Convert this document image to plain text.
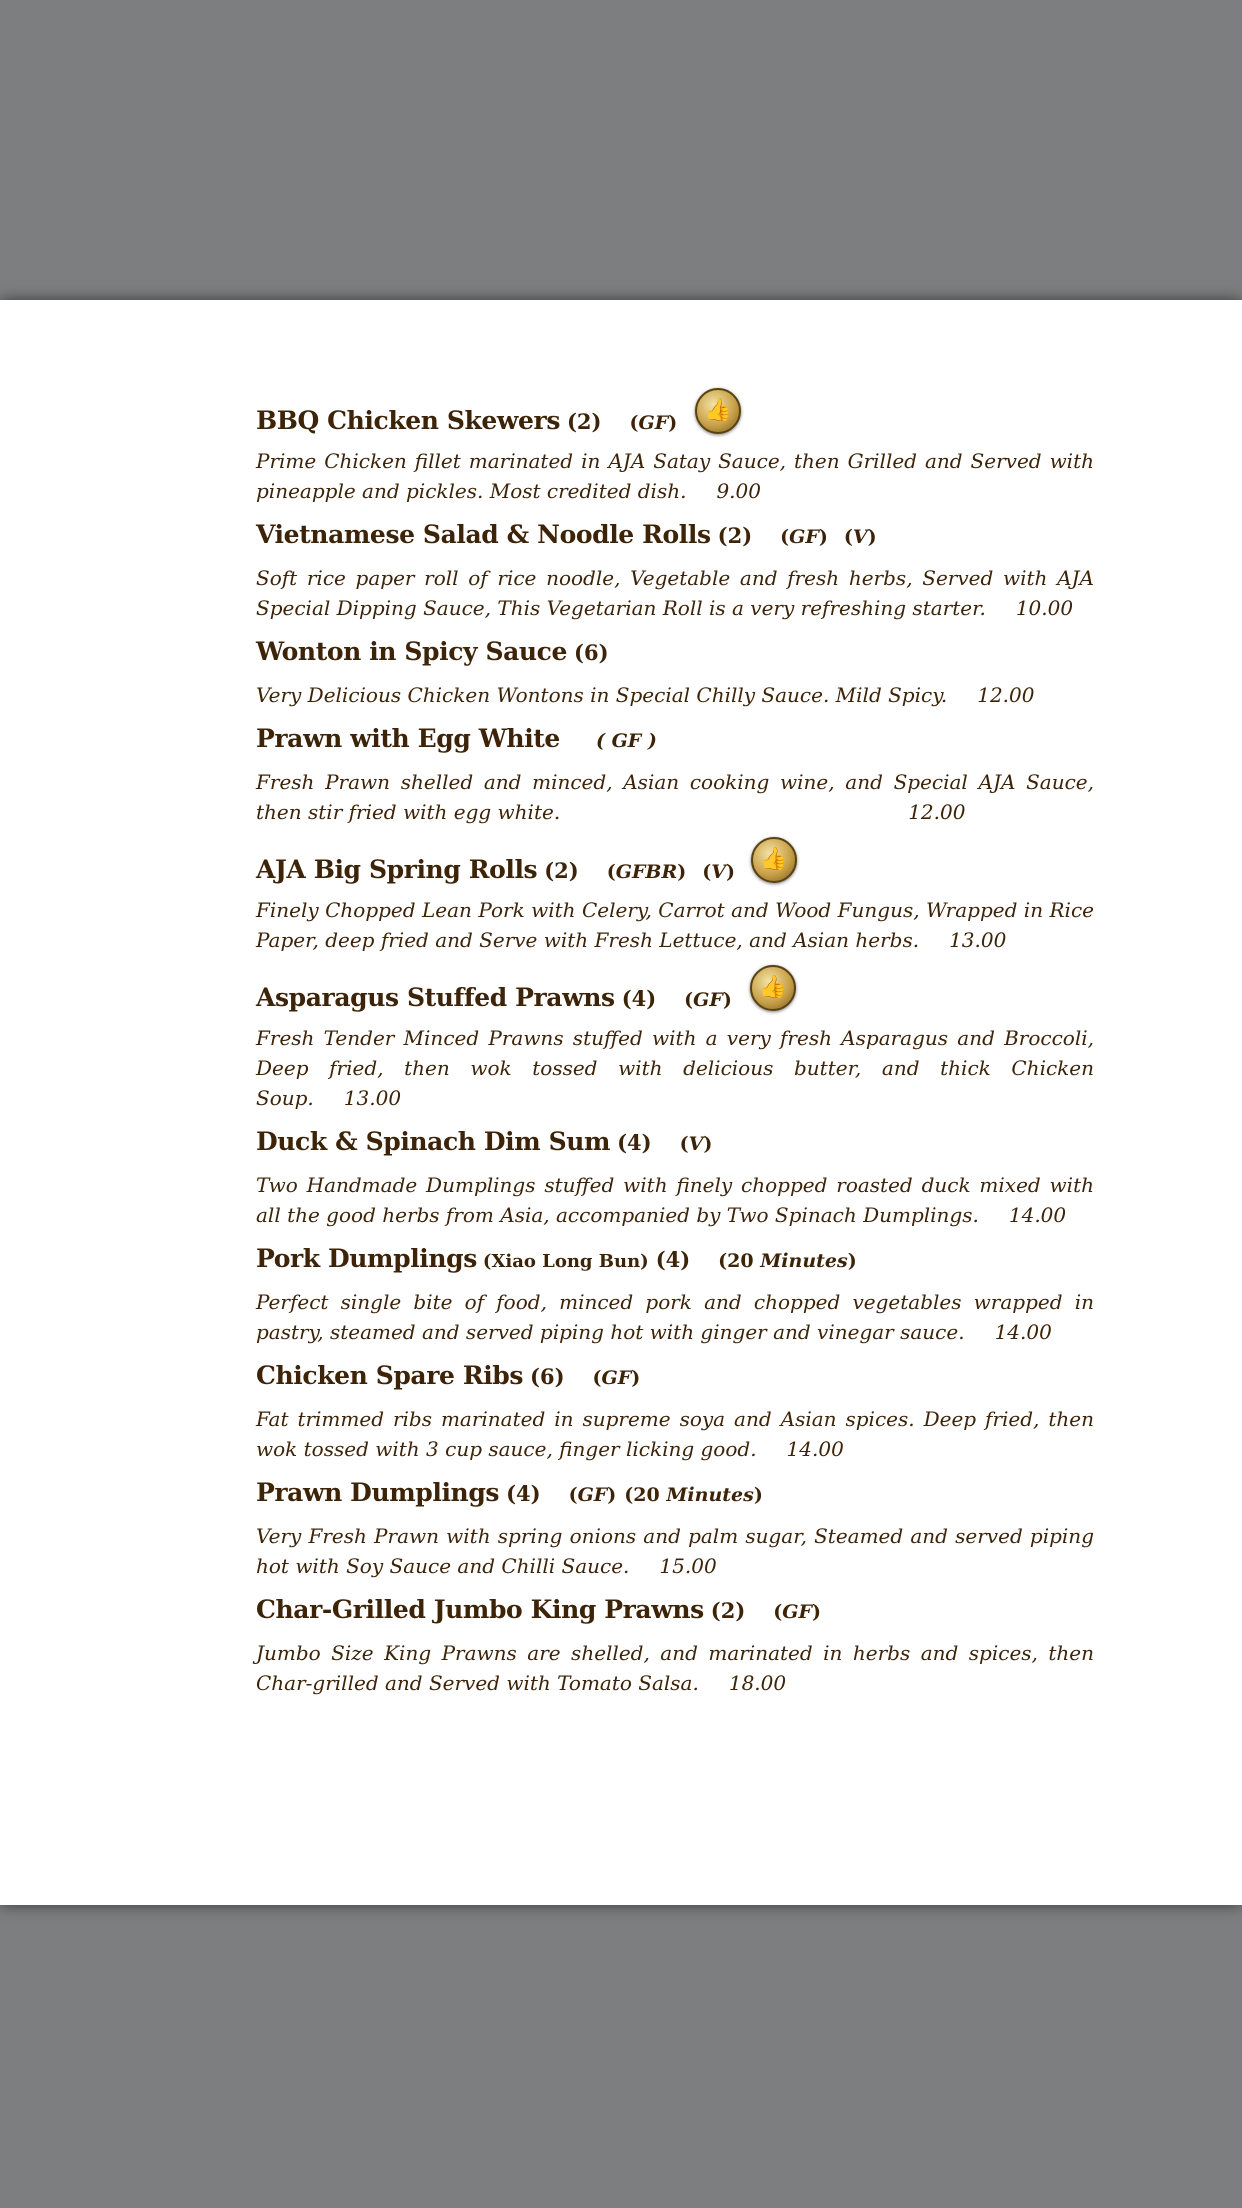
BBQ Chicken Skewers (2) (GF)	👍

Prime Chicken fillet marinated in AJA Satay Sauce, then Grilled and Served with pineapple and pickles. Most credited dish. 9.00

Vietnamese Salad & Noodle Rolls (2) (GF) (V)

Soft rice paper roll of rice noodle, Vegetable and fresh herbs, Served with AJA Special Dipping Sauce, This Vegetarian Roll is a very refreshing starter. 10.00

Wonton in Spicy Sauce (6)

Very Delicious Chicken Wontons in Special Chilly Sauce. Mild Spicy. 12.00

Prawn with Egg White ( GF )

Fresh Prawn shelled and minced, Asian cooking wine, and Special AJA Sauce, then stir fried with egg white.	12.00

AJA Big Spring Rolls (2) (GFBR) (V)	👍

Finely Chopped Lean Pork with Celery, Carrot and Wood Fungus, Wrapped in Rice Paper, deep fried and Serve with Fresh Lettuce, and Asian herbs. 13.00

Asparagus Stuffed Prawns (4) (GF)	👍

Fresh Tender Minced Prawns stuffed with a very fresh Asparagus and Broccoli, Deep fried, then wok tossed with delicious butter, and thick Chicken Soup. 13.00

Duck & Spinach Dim Sum (4) (V)

Two Handmade Dumplings stuffed with finely chopped roasted duck mixed with all the good herbs from Asia, accompanied by Two Spinach Dumplings. 14.00

Pork Dumplings (Xiao Long Bun) (4) (20 Minutes)

Perfect single bite of food, minced pork and chopped vegetables wrapped in pastry, steamed and served piping hot with ginger and vinegar sauce. 14.00

Chicken Spare Ribs (6) (GF)

Fat trimmed ribs marinated in supreme soya and Asian spices. Deep fried, then wok tossed with 3 cup sauce, finger licking good. 14.00

Prawn Dumplings (4) (GF) (20 Minutes)

Very Fresh Prawn with spring onions and palm sugar, Steamed and served piping hot with Soy Sauce and Chilli Sauce. 15.00

Char-Grilled Jumbo King Prawns (2) (GF)

Jumbo Size King Prawns are shelled, and marinated in herbs and spices, then Char-grilled and Served with Tomato Salsa. 18.00
